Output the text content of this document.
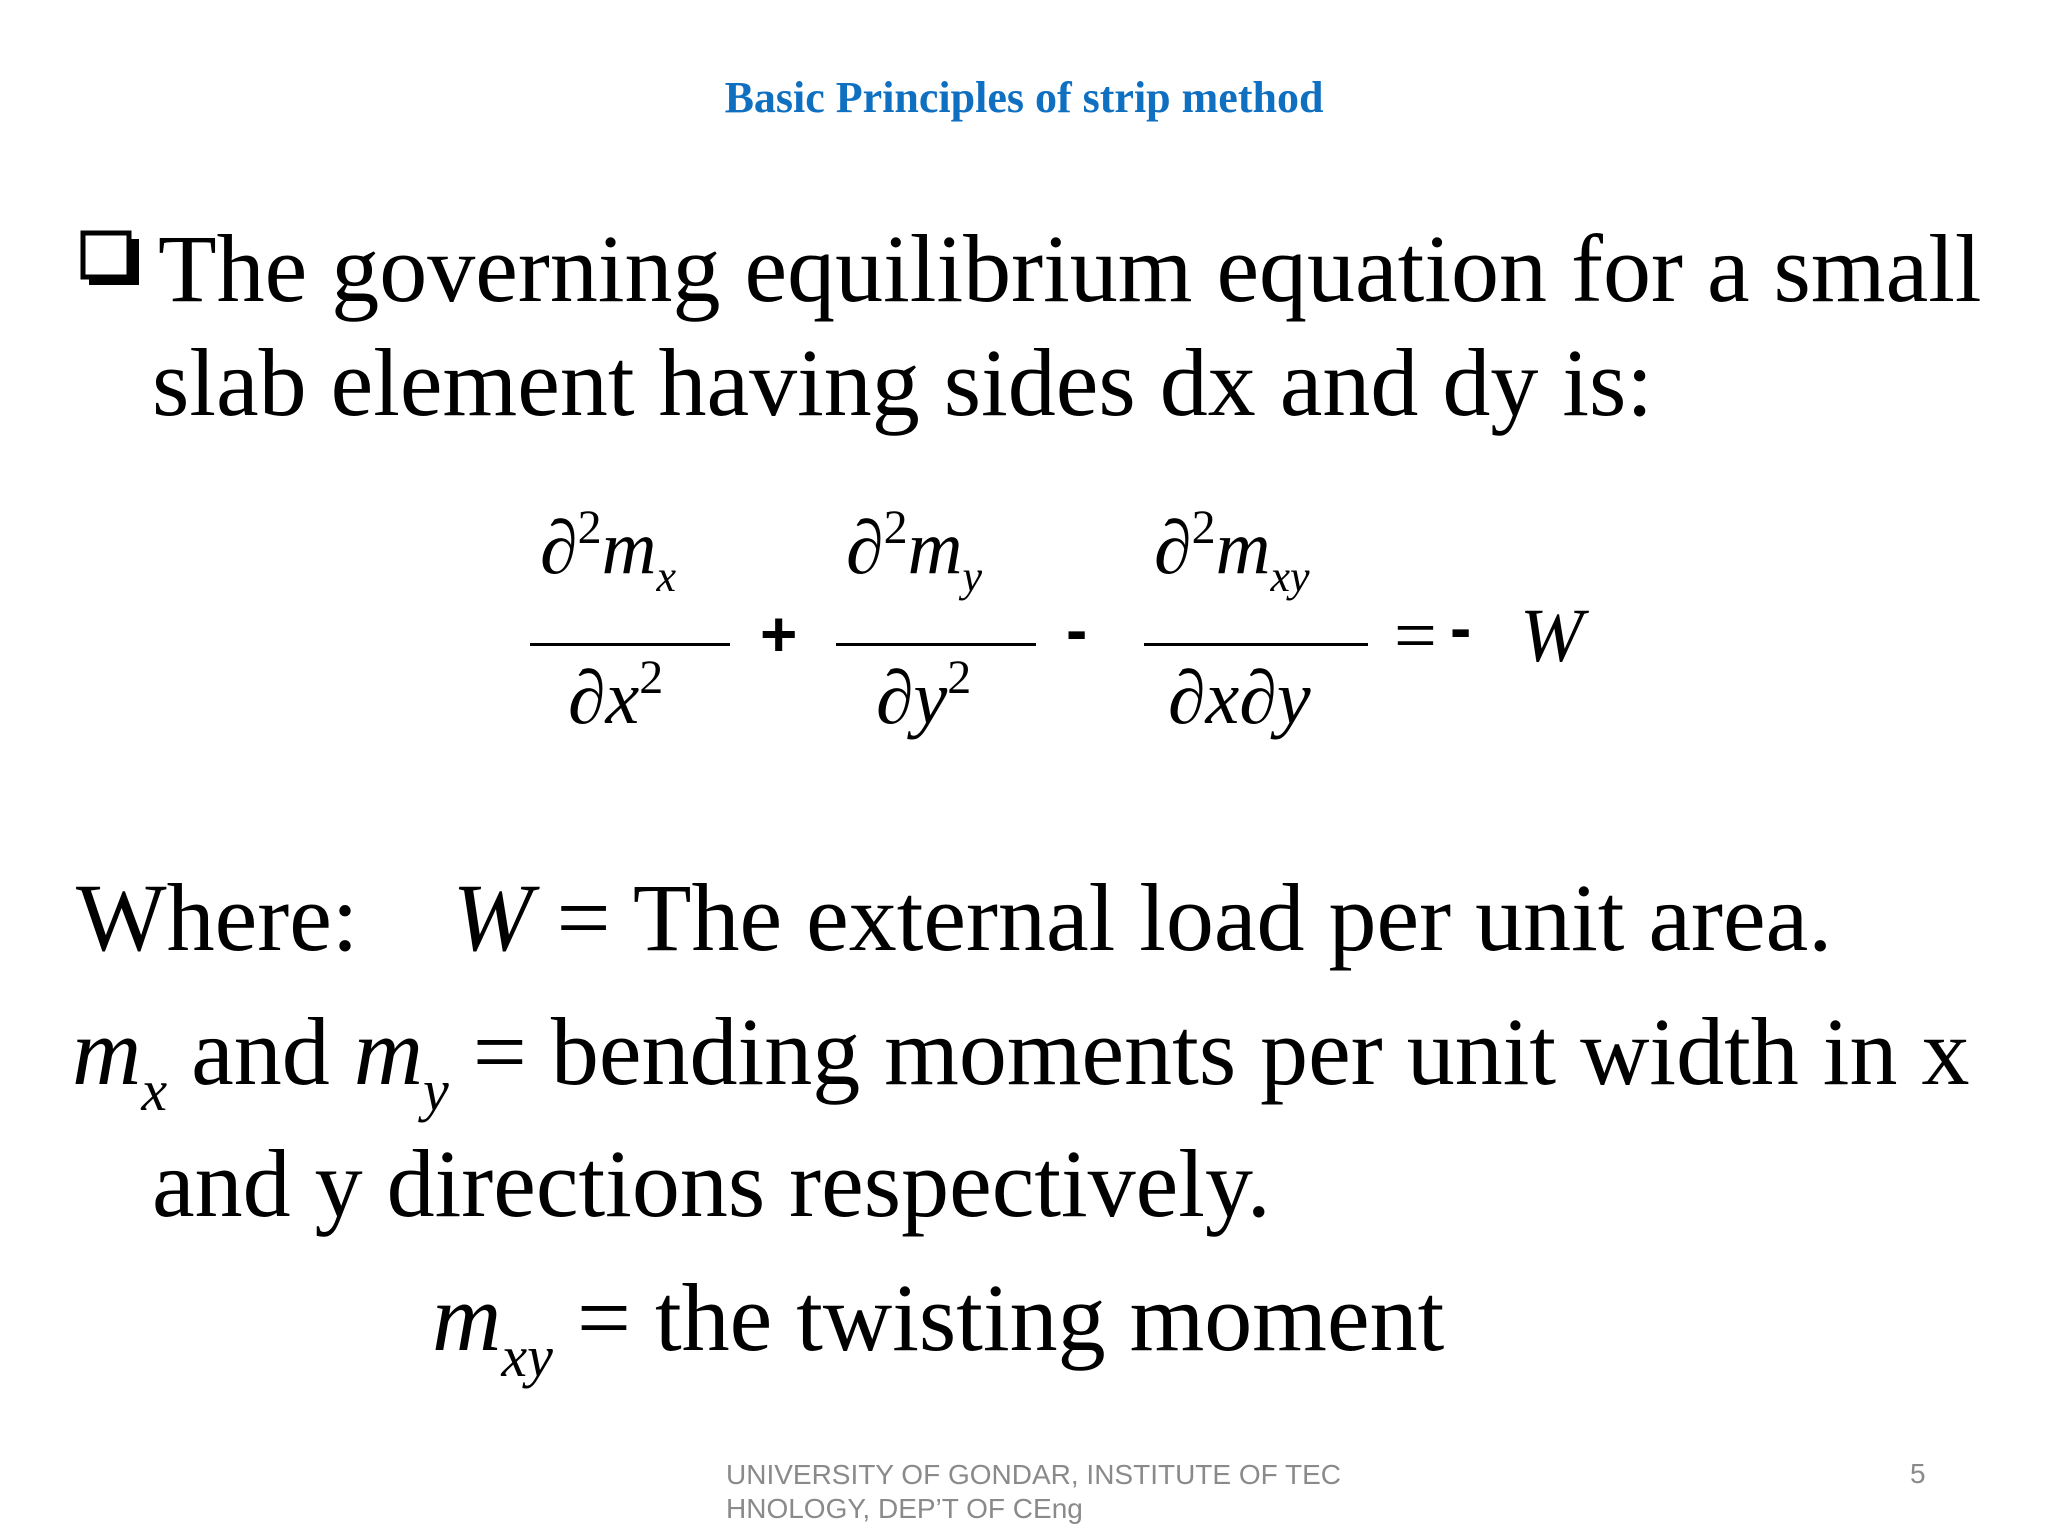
Basic Principles of strip method
The governing equilibrium equation for a small
slab element having sides dx and dy is:
$\partial^2m_x$
$\partial x^2$
+
$\partial^2m_y$
$\partial y^2$
-
$\partial^2m_{xy}$
∂x∂y
= - W
Where: W = The external load per unit area.
$m_x$ and $m_y$ = bending moments per unit width in x
and y directions respectively.
$m_{xy}$ = the twisting moment
UNIVERSITY OF GONDAR, INSTITUTE OF TECHNOLOGY, DEP’T OF CEng
5
